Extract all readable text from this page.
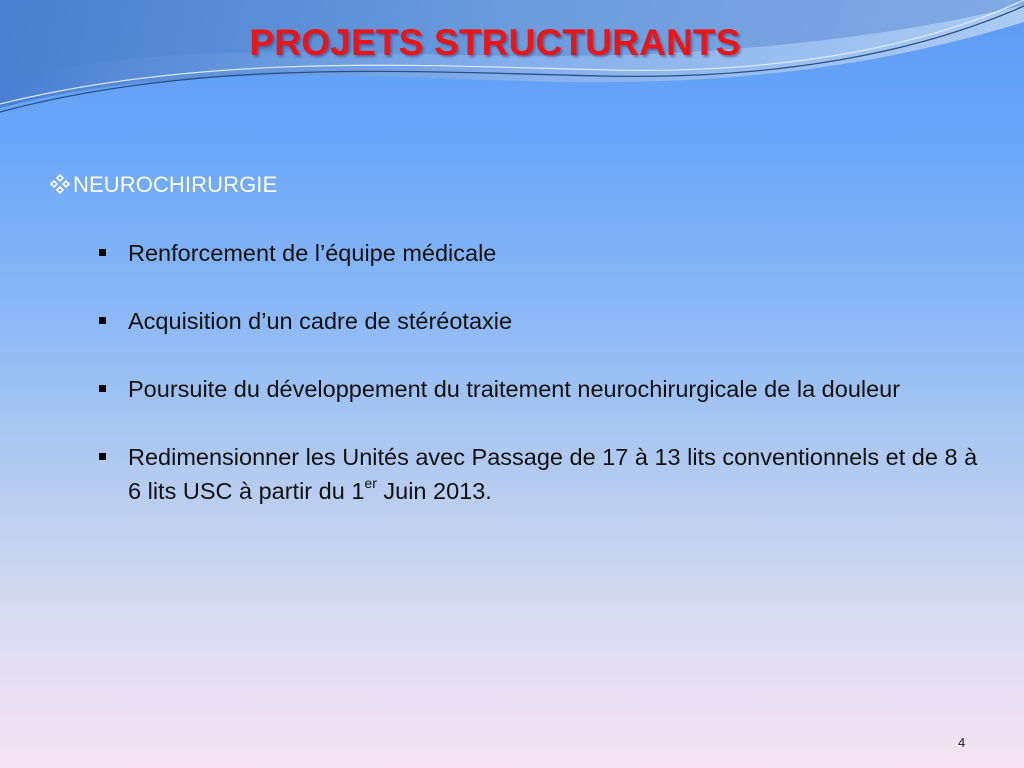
PROJETS STRUCTURANTS
NEUROCHIRURGIE
Renforcement de l’équipe médicale
Acquisition d’un cadre de stéréotaxie
Poursuite du développement du traitement neurochirurgicale de la douleur
Redimensionner les Unités avec Passage de 17 à 13 lits conventionnels et de 8 à 6 lits USC à partir du 1er Juin 2013.
4
